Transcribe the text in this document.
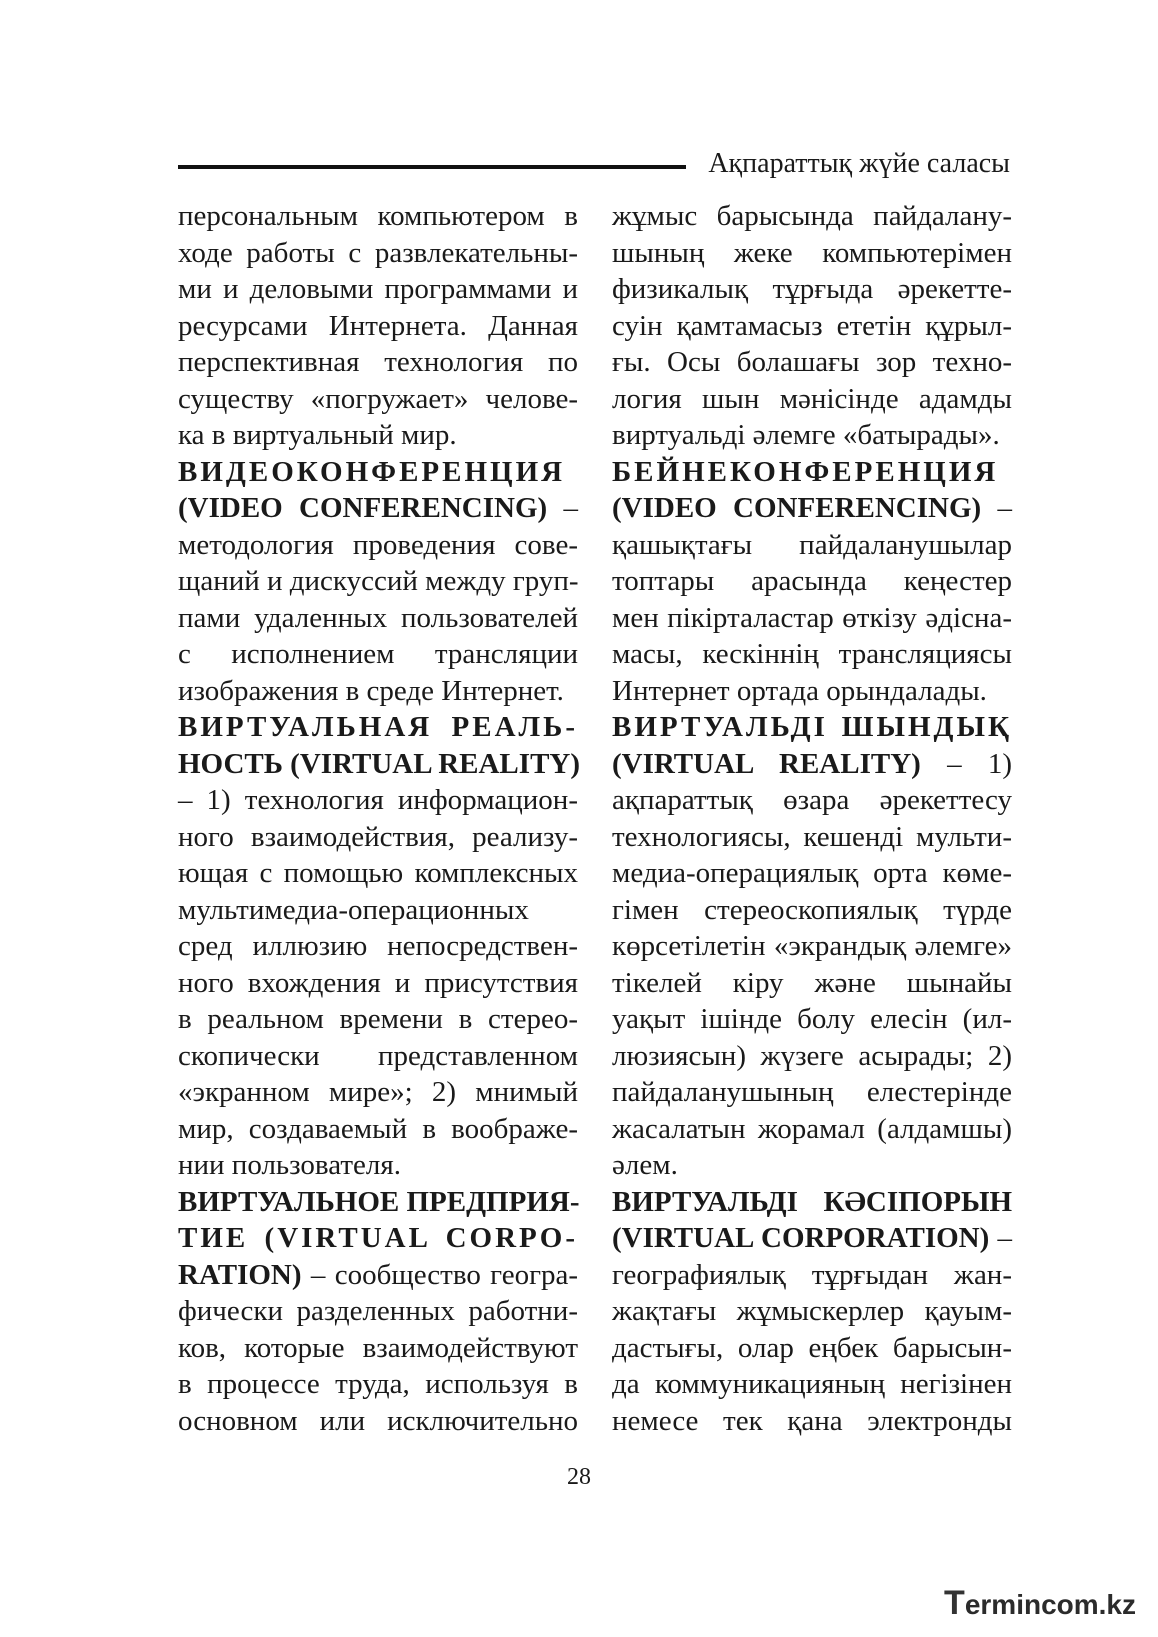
Ақпараттық жүйе саласы
персональным компьютером в
ходе работы с развлекательны-
ми и деловыми программами и
ресурсами Интернета. Данная
перспективная технология по
существу «погружает» челове-
ка в виртуальный мир.
ВИДЕОКОНФЕРЕНЦИЯ
(VIDEO CONFERENCING) –
методология проведения сове-
щаний и дискуссий между груп-
пами удаленных пользователей
с исполнением трансляции
изображения в среде Интернет.
ВИРТУАЛЬНАЯ РЕАЛЬ-
НОСТЬ (VIRTUAL REALITY)
– 1) технология информацион-
ного взаимодействия, реализу-
ющая с помощью комплексных
мультимедиа-операционных
сред иллюзию непосредствен-
ного вхождения и присутствия
в реальном времени в стерео-
скопически представленном
«экранном мире»; 2) мнимый
мир, создаваемый в воображе-
нии пользователя.
ВИРТУАЛЬНОЕ ПРЕДПРИЯ-
ТИЕ (VIRTUAL CORPO-
RATION) – сообщество геогра-
фически разделенных работни-
ков, которые взаимодействуют
в процессе труда, используя в
основном или исключительно
жұмыс барысында пайдалану-
шының жеке компьютерімен
физикалық тұрғыда әрекетте-
суін қамтамасыз ететін құрыл-
ғы. Осы болашағы зор техно-
логия шын мәнісінде адамды
виртуальді әлемге «батырады».
БЕЙНЕКОНФЕРЕНЦИЯ
(VIDEO CONFERENCING) –
қашықтағы пайдаланушылар
топтары арасында кеңестер
мен пікірталастар өткізу әдісна-
масы, кескіннің трансляциясы
Интернет ортада орындалады.
ВИРТУАЛЬДІ ШЫНДЫҚ
(VIRTUAL REALITY) – 1)
ақпараттық өзара әрекеттесу
технологиясы, кешенді мульти-
медиа-операциялық орта көме-
гімен стереоскопиялық түрде
көрсетілетін «экрандық әлемге»
тікелей кіру және шынайы
уақыт ішінде болу елесін (ил-
люзиясын) жүзеге асырады; 2)
пайдаланушының елестерінде
жасалатын жорамал (алдамшы)
әлем.
ВИРТУАЛЬДІ КӘСІПОРЫН
(VIRTUAL CORPORATION) –
географиялық тұрғыдан жан-
жақтағы жұмыскерлер қауым-
дастығы, олар еңбек барысын-
да коммуникацияның негізінен
немесе тек қана электронды
28
Termincom.kz
